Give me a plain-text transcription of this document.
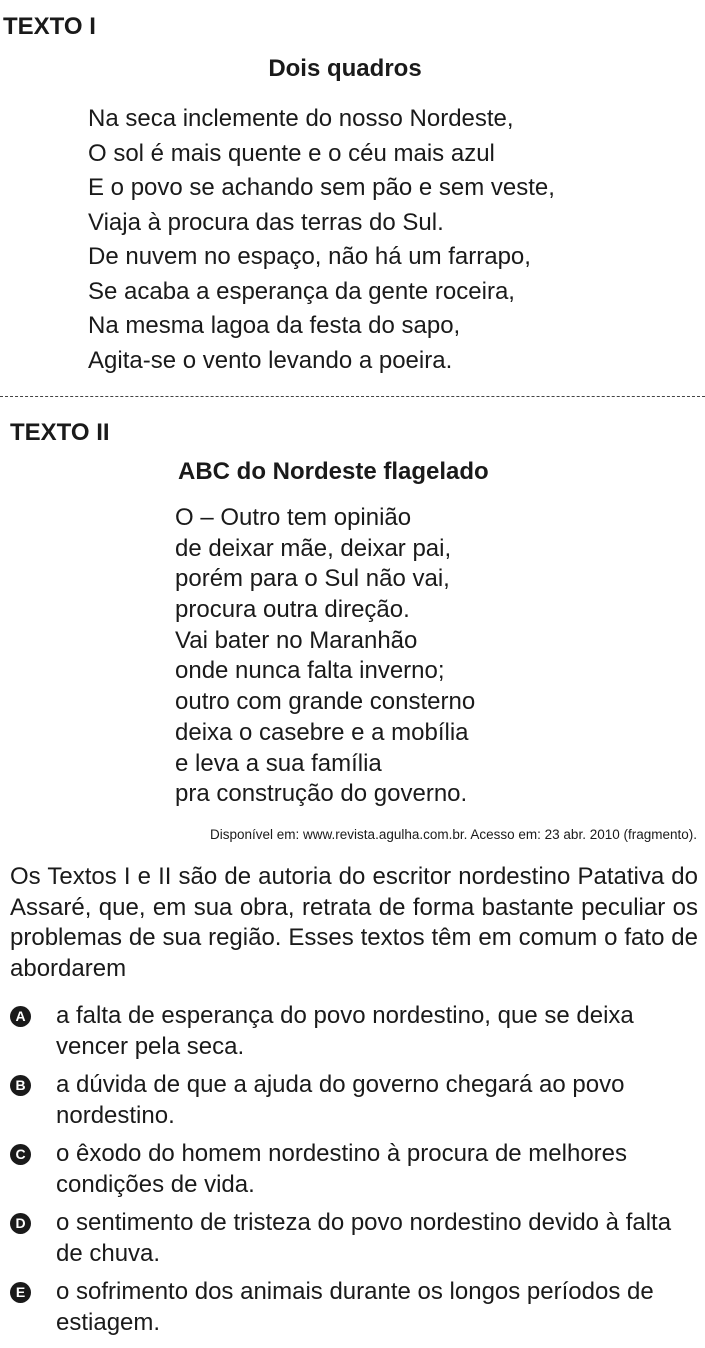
TEXTO I
Dois quadros
Na seca inclemente do nosso Nordeste,
O sol é mais quente e o céu mais azul
E o povo se achando sem pão e sem veste,
Viaja à procura das terras do Sul.
De nuvem no espaço, não há um farrapo,
Se acaba a esperança da gente roceira,
Na mesma lagoa da festa do sapo,
Agita-se o vento levando a poeira.
TEXTO II
ABC do Nordeste flagelado
O – Outro tem opinião
de deixar mãe, deixar pai,
porém para o Sul não vai,
procura outra direção.
Vai bater no Maranhão
onde nunca falta inverno;
outro com grande consterno
deixa o casebre e a mobília
e leva a sua família
pra construção do governo.

Disponível em: www.revista.agulha.com.br. Acesso em: 23 abr. 2010 (fragmento).

Os Textos I e II são de autoria do escritor nordestino Patativa do Assaré, que, em sua obra, retrata de forma bastante peculiar os problemas de sua região. Esses textos têm em comum o fato de abordarem

A a falta de esperança do povo nordestino, que se deixa vencer pela seca.

B a dúvida de que a ajuda do governo chegará ao povo nordestino.

C o êxodo do homem nordestino à procura de melhores condições de vida.

D o sentimento de tristeza do povo nordestino devido à falta de chuva.

E o sofrimento dos animais durante os longos períodos de estiagem.
